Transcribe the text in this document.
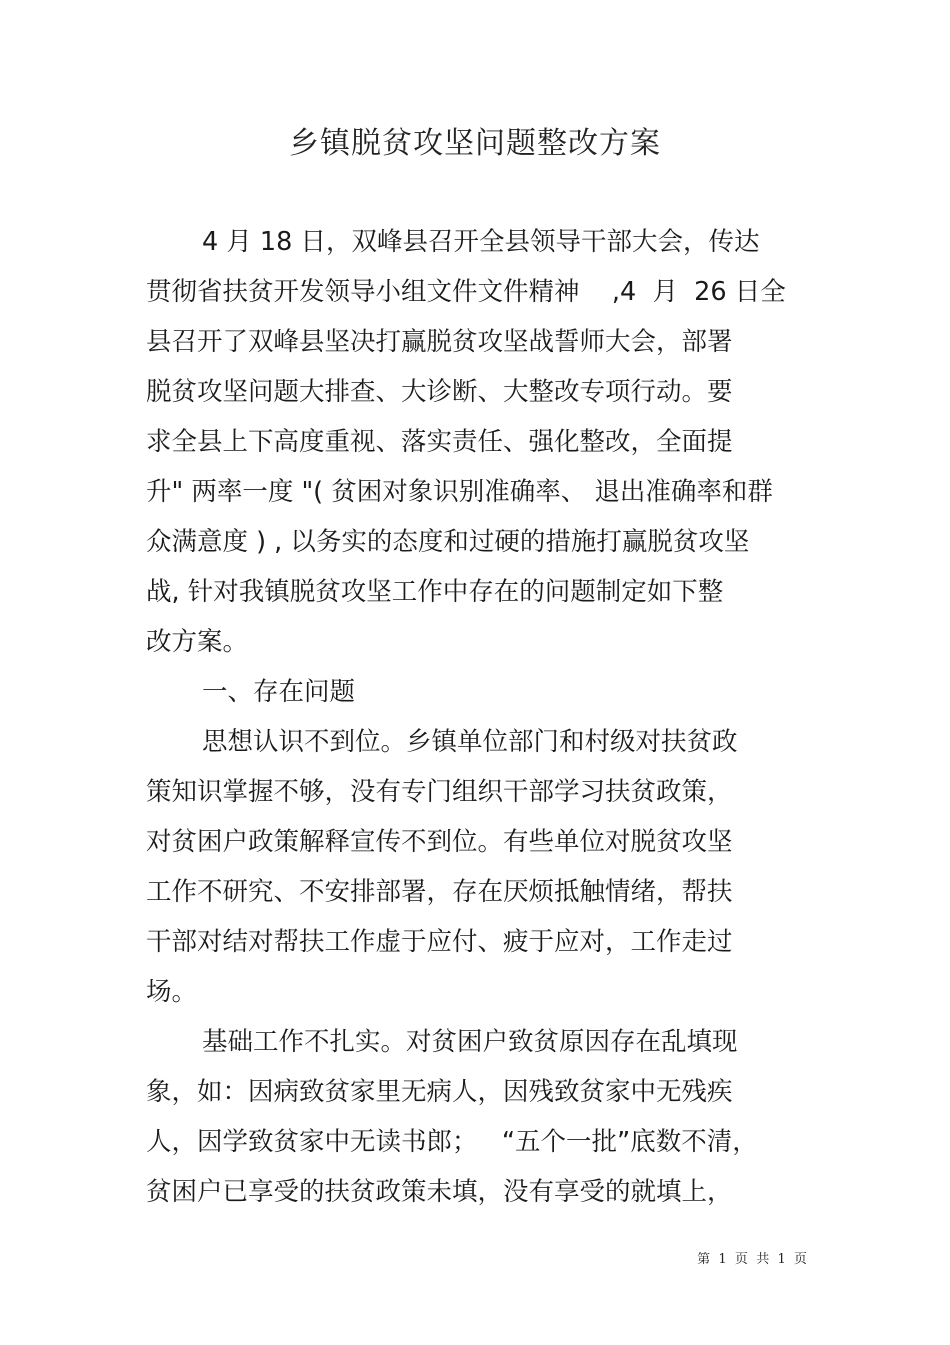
乡镇脱贫攻坚问题整改方案
4 月 18 日，双峰县召开全县领导干部大会，传达
贯彻省扶贫开发领导小组文件文件精神    ,4  月  26 日全
县召开了双峰县坚决打赢脱贫攻坚战誓师大会，部署
脱贫攻坚问题大排查、大诊断、大整改专项行动。要
求全县上下高度重视、落实责任、强化整改，全面提
升" 两率一度 "( 贫困对象识别准确率、 退出准确率和群
众满意度 ) , 以务实的态度和过硬的措施打赢脱贫攻坚
战, 针对我镇脱贫攻坚工作中存在的问题制定如下整
改方案。
一、存在问题
思想认识不到位。乡镇单位部门和村级对扶贫政
策知识掌握不够，没有专门组织干部学习扶贫政策，
对贫困户政策解释宣传不到位。有些单位对脱贫攻坚
工作不研究、不安排部署，存在厌烦抵触情绪，帮扶
干部对结对帮扶工作虚于应付、疲于应对，工作走过
场。
基础工作不扎实。对贫困户致贫原因存在乱填现
象，如：因病致贫家里无病人，因残致贫家中无残疾
人，因学致贫家中无读书郎；   “五个一批”底数不清，
贫困户已享受的扶贫政策未填，没有享受的就填上，
第  1  页  共  1  页
